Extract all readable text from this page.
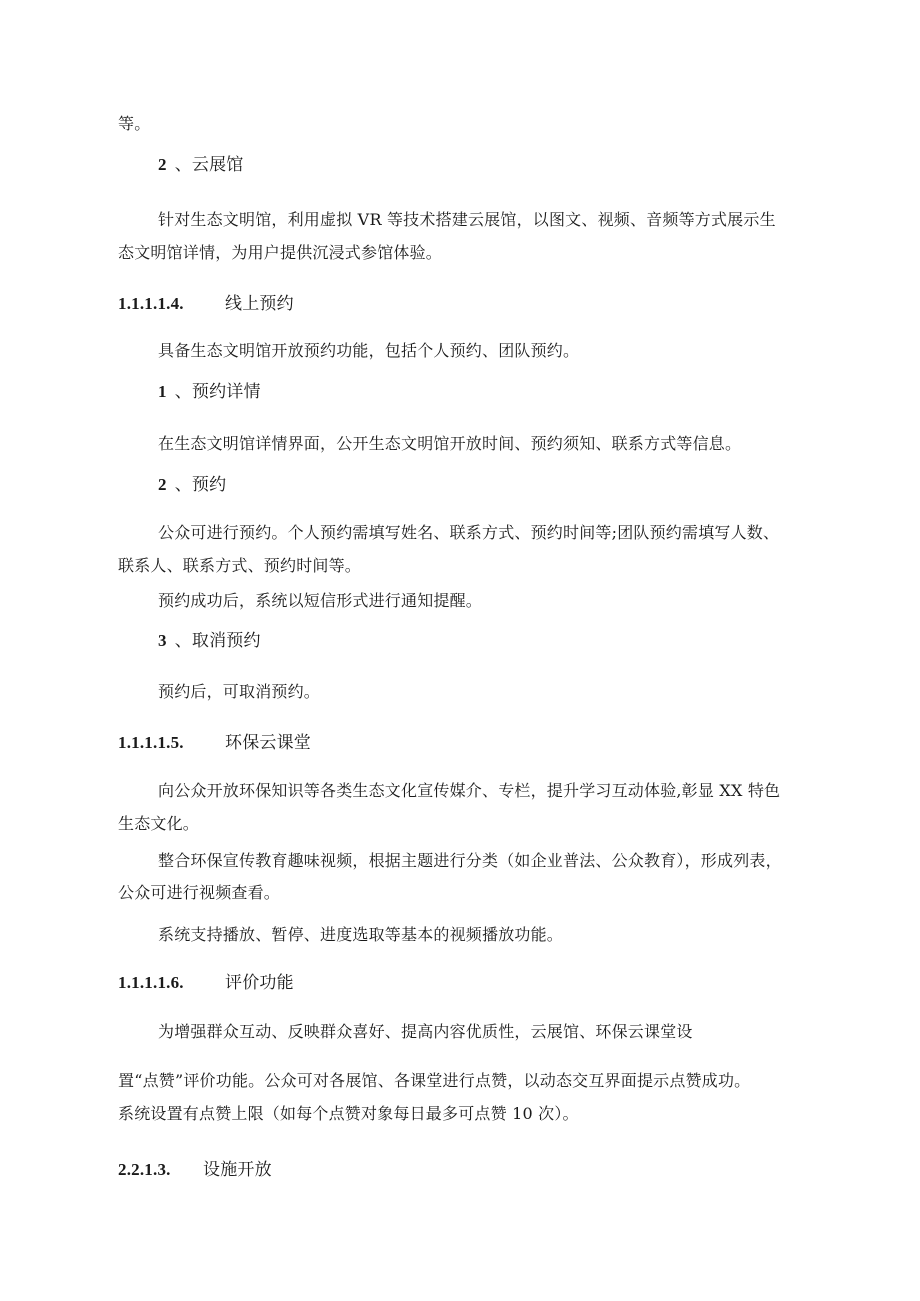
等。
2 、云展馆
针对生态文明馆，利用虚拟 VR 等技术搭建云展馆，以图文、视频、音频等方式展示生
态文明馆详情，为用户提供沉浸式参馆体验。
1.1.1.1.4. 线上预约
具备生态文明馆开放预约功能，包括个人预约、团队预约。
1 、预约详情
在生态文明馆详情界面，公开生态文明馆开放时间、预约须知、联系方式等信息。
2 、预约
公众可进行预约。个人预约需填写姓名、联系方式、预约时间等;团队预约需填写人数、
联系人、联系方式、预约时间等。
预约成功后，系统以短信形式进行通知提醒。
3 、取消预约
预约后，可取消预约。
1.1.1.1.5. 环保云课堂
向公众开放环保知识等各类生态文化宣传媒介、专栏，提升学习互动体验,彰显 XX 特色
生态文化。
整合环保宣传教育趣味视频，根据主题进行分类（如企业普法、公众教育），形成列表，
公众可进行视频查看。
系统支持播放、暂停、进度选取等基本的视频播放功能。
1.1.1.1.6. 评价功能
为增强群众互动、反映群众喜好、提高内容优质性，云展馆、环保云课堂设
置“点赞”评价功能。公众可对各展馆、各课堂进行点赞，以动态交互界面提示点赞成功。
系统设置有点赞上限（如每个点赞对象每日最多可点赞 10 次）。
2.2.1.3. 设施开放
